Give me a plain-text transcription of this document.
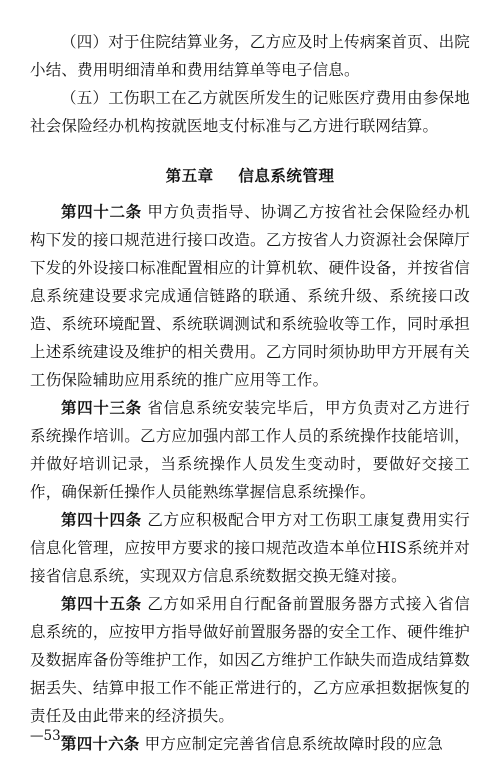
（四）对于住院结算业务，乙方应及时上传病案首页、出院小结、费用明细清单和费用结算单等电子信息。

（五）工伤职工在乙方就医所发生的记账医疗费用由参保地社会保险经办机构按就医地支付标准与乙方进行联网结算。

第五章 信息系统管理

第四十二条 甲方负责指导、协调乙方按省社会保险经办机构下发的接口规范进行接口改造。乙方按省人力资源社会保障厅下发的外设接口标准配置相应的计算机软、硬件设备，并按省信息系统建设要求完成通信链路的联通、系统升级、系统接口改造、系统环境配置、系统联调测试和系统验收等工作，同时承担上述系统建设及维护的相关费用。乙方同时须协助甲方开展有关工伤保险辅助应用系统的推广应用等工作。

第四十三条 省信息系统安装完毕后，甲方负责对乙方进行系统操作培训。乙方应加强内部工作人员的系统操作技能培训，并做好培训记录，当系统操作人员发生变动时，要做好交接工作，确保新任操作人员能熟练掌握信息系统操作。

第四十四条 乙方应积极配合甲方对工伤职工康复费用实行信息化管理，应按甲方要求的接口规范改造本单位HIS系统并对接省信息系统，实现双方信息系统数据交换无缝对接。

第四十五条 乙方如采用自行配备前置服务器方式接入省信息系统的，应按甲方指导做好前置服务器的安全工作、硬件维护及数据库备份等维护工作，如因乙方维护工作缺失而造成结算数据丢失、结算申报工作不能正常进行的，乙方应承担数据恢复的责任及由此带来的经济损失。

第四十六条 甲方应制定完善省信息系统故障时段的应急

—53—
